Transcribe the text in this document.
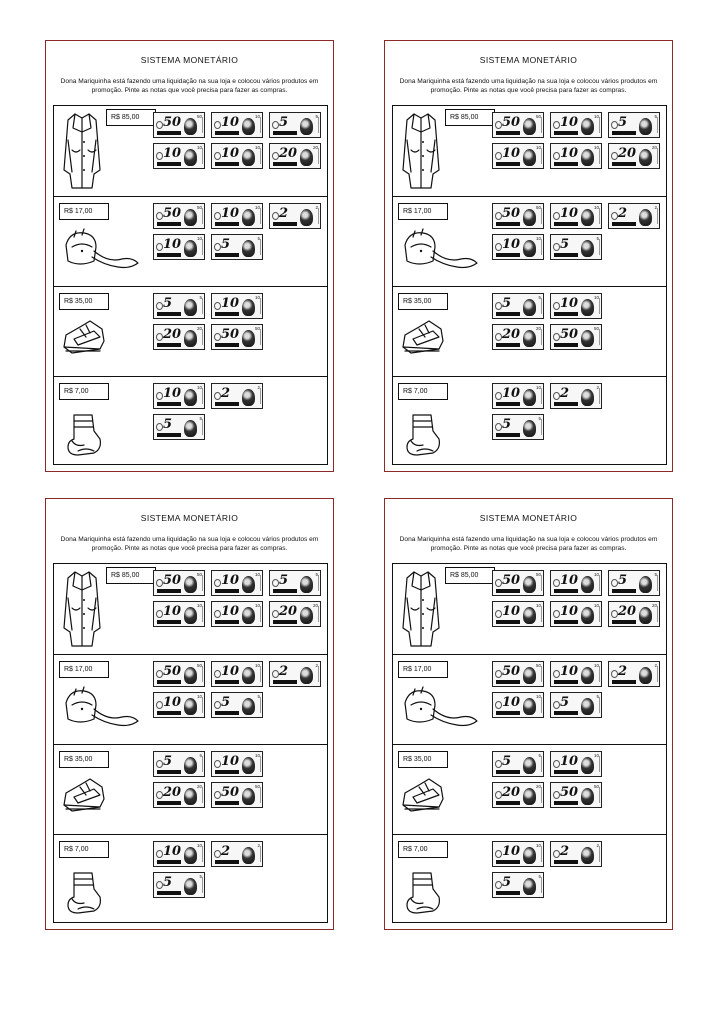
SISTEMA MONETÁRIO
Dona Mariquinha está fazendo uma liquidação na sua loja e colocou vários produtos em promoção. Pinte as notas que você precisa para fazer as compras.
R$ 85,00	50	50 10	10 5	5
10	10 10	10 20	20
R$ 17,00	50	50 10	10 2	2
10	10 5	5
R$ 35,00	5	5 10	10
20	20 50	50
R$ 7,00	10	10 2	2
5	5
SISTEMA MONETÁRIO
Dona Mariquinha está fazendo uma liquidação na sua loja e colocou vários produtos em promoção. Pinte as notas que você precisa para fazer as compras.
R$ 85,00	50	50 10	10 5	5
10	10 10	10 20	20
R$ 17,00	50	50 10	10 2	2
10	10 5	5
R$ 35,00	5	5 10	10
20	20 50	50
R$ 7,00	10	10 2	2
5	5
SISTEMA MONETÁRIO
Dona Mariquinha está fazendo uma liquidação na sua loja e colocou vários produtos em promoção. Pinte as notas que você precisa para fazer as compras.
R$ 85,00	50	50 10	10 5	5
10	10 10	10 20	20
R$ 17,00	50	50 10	10 2	2
10	10 5	5
R$ 35,00	5	5 10	10
20	20 50	50
R$ 7,00	10	10 2	2
5	5
SISTEMA MONETÁRIO
Dona Mariquinha está fazendo uma liquidação na sua loja e colocou vários produtos em promoção. Pinte as notas que você precisa para fazer as compras.
R$ 85,00	50	50 10	10 5	5
10	10 10	10 20	20
R$ 17,00	50	50 10	10 2	2
10	10 5	5
R$ 35,00	5	5 10	10
20	20 50	50
R$ 7,00	10	10 2	2
5	5
